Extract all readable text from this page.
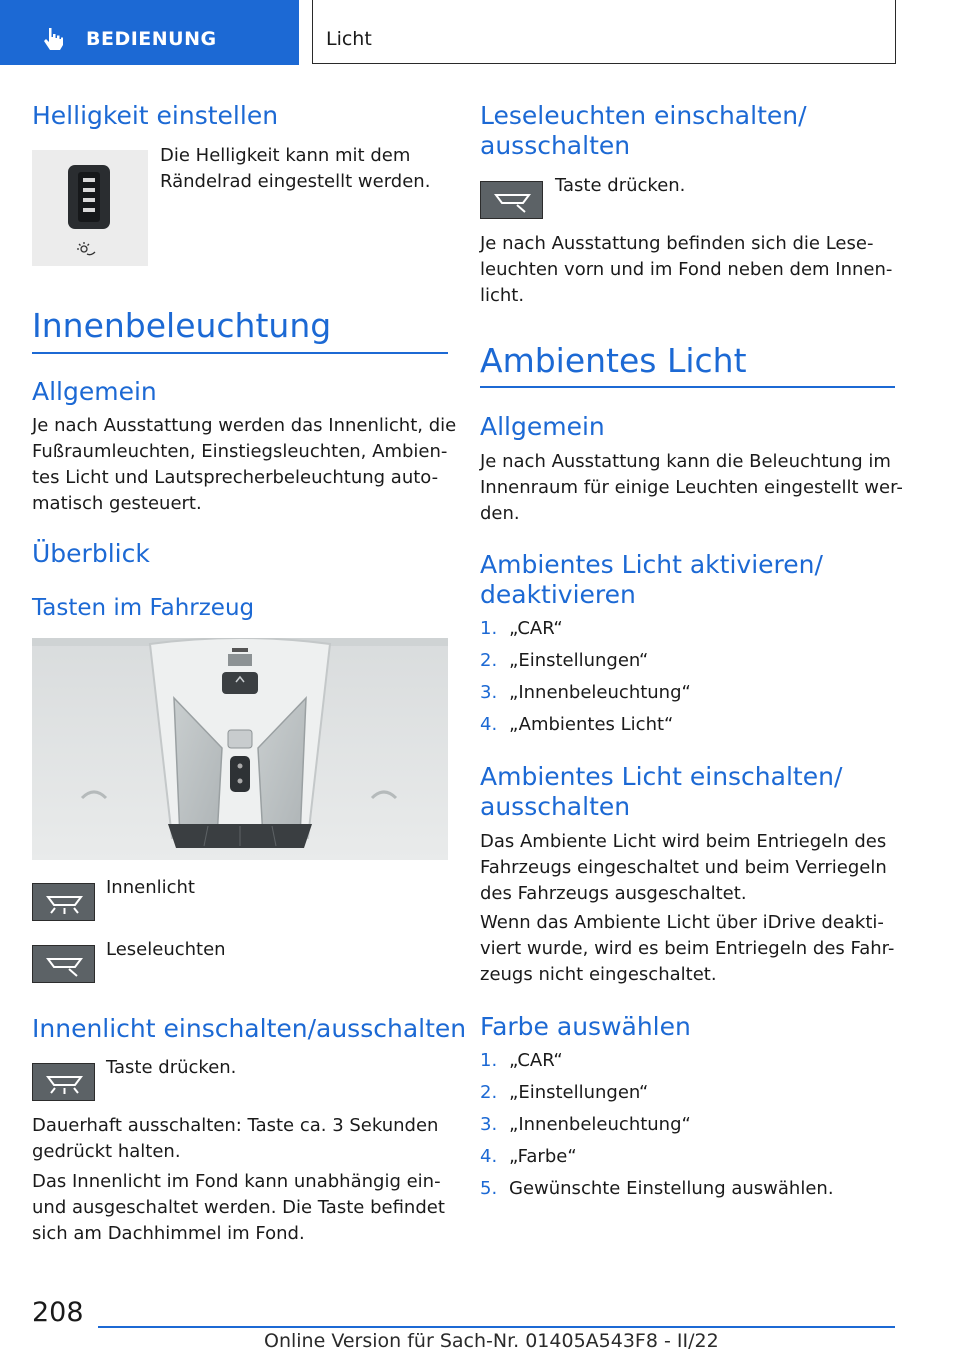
BEDIENUNG	Licht
Helligkeit einstellen
Die Helligkeit kann mit dem
Rändelrad eingestellt werden.
Innenbeleuchtung
Allgemein
Je nach Ausstattung werden das Innenlicht, die
Fußraumleuchten, Einstiegsleuchten, Ambien-
tes Licht und Lautsprecherbeleuchtung auto-
matisch gesteuert.
Überblick
Tasten im Fahrzeug
Innenlicht
Leseleuchten
Innenlicht einschalten/ausschalten
Taste drücken.
Dauerhaft ausschalten: Taste ca. 3 Sekunden
gedrückt halten.
Das Innenlicht im Fond kann unabhängig ein-
und ausgeschaltet werden. Die Taste befindet
sich am Dachhimmel im Fond.
Leseleuchten einschalten/
ausschalten
Taste drücken.
Je nach Ausstattung befinden sich die Lese-
leuchten vorn und im Fond neben dem Innen-
licht.
Ambientes Licht
Allgemein
Je nach Ausstattung kann die Beleuchtung im
Innenraum für einige Leuchten eingestellt wer-
den.
Ambientes Licht aktivieren/
deaktivieren
1. „CAR“
2. „Einstellungen“
3. „Innenbeleuchtung“
4. „Ambientes Licht“
Ambientes Licht einschalten/
ausschalten
Das Ambiente Licht wird beim Entriegeln des
Fahrzeugs eingeschaltet und beim Verriegeln
des Fahrzeugs ausgeschaltet.
Wenn das Ambiente Licht über iDrive deakti-
viert wurde, wird es beim Entriegeln des Fahr-
zeugs nicht eingeschaltet.
Farbe auswählen
1. „CAR“
2. „Einstellungen“
3. „Innenbeleuchtung“
4. „Farbe“
5. Gewünschte Einstellung auswählen.
208
Online Version für Sach-Nr. 01405A543F8 - II/22
